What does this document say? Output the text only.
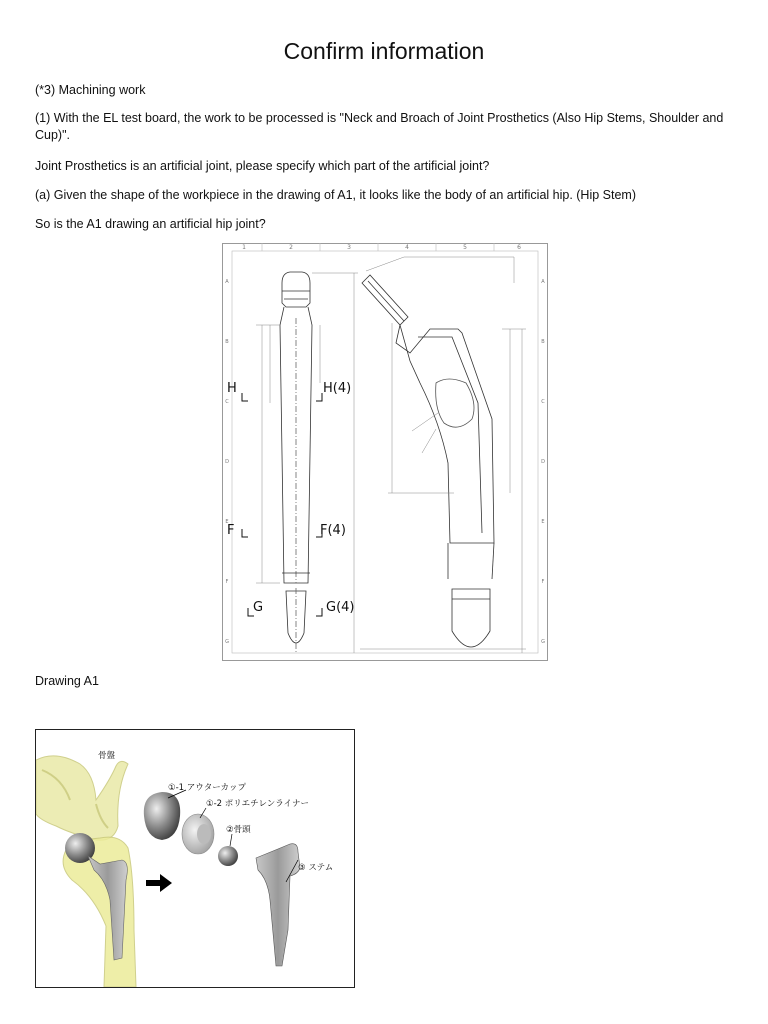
Confirm information
(*3) Machining work
(1) With the EL test board, the work to be processed is "Neck and Broach of Joint Prosthetics (Also Hip Stems, Shoulder and Cup)".
Joint Prosthetics is an artificial joint, please specify which part of the artificial joint?
(a) Given the shape of the workpiece in the drawing of A1, it looks like the body of an artificial hip. (Hip Stem)
So is the A1 drawing an artificial hip joint?
1	2	3	4	5	6
A
B
C
D
E
F
G
A
B
C
D
E
F
G
H	H(4)
F	F(4)
G	G(4)
Drawing A1
骨盤
①-1 アウターカップ
①-2 ポリエチレンライナー
②骨頭
③ ステム
